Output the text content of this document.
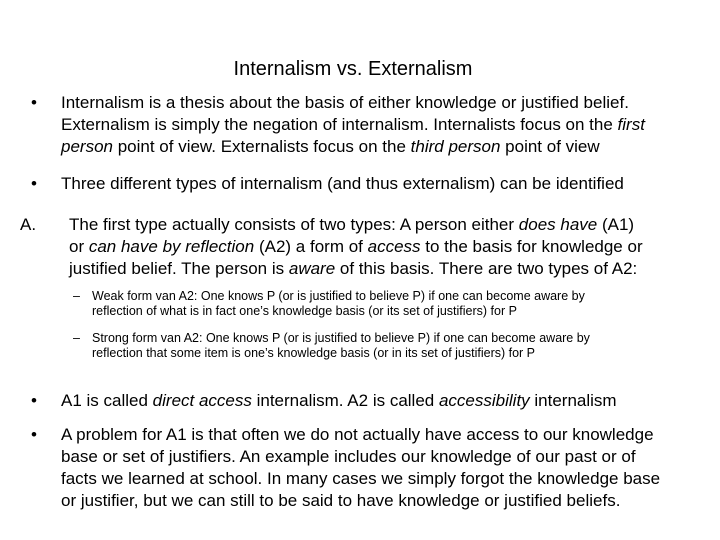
Internalism vs. Externalism
• Internalism is a thesis about the basis of either knowledge or justified belief.
Externalism is simply the negation of internalism. Internalists focus on the first
person point of view. Externalists focus on the third person point of view
• Three different types of internalism (and thus externalism) can be identified
A. The first type actually consists of two types: A person either does have (A1)
or can have by reflection (A2) a form of access to the basis for knowledge or
justified belief. The person is aware of this basis. There are two types of A2:
– Weak form van A2: One knows P (or is justified to believe P) if one can become aware by
reflection of what is in fact one’s knowledge basis (or its set of justifiers) for P
– Strong form van A2: One knows P (or is justified to believe P) if one can become aware by
reflection that some item is one’s knowledge basis (or in its set of justifiers) for P
• A1 is called direct access internalism. A2 is called accessibility internalism
• A problem for A1 is that often we do not actually have access to our knowledge
base or set of justifiers. An example includes our knowledge of our past or of
facts we learned at school. In many cases we simply forgot the knowledge base
or justifier, but we can still to be said to have knowledge or justified beliefs.
